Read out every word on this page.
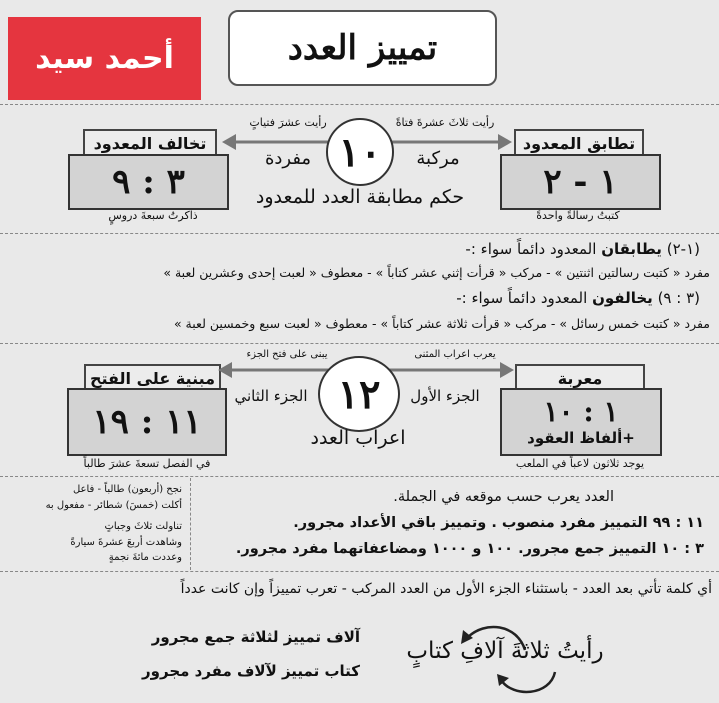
أحمد سيد	تمييز العدد
تخالف المعدود
٣ : ٩
ذاكرتُ سبعةَ دروسٍ
تطابق المعدود
١ - ٢
كتبتُ رسالةً واحدةً
رأيت عشرَ فتياتٍ	رأيت ثلاثَ عشرةَ فتاةً
١٠
مفردة	مركبة
حكم مطابقة العدد للمعدود
(١-٢) يطابقان المعدود دائماً سواء :-
مفرد « كتبت رسالتين اثنتين » - مركب « قرأت إثني عشر كتاباً » - معطوف « لعبت إحدى وعشرين لعبة »
(٣ : ٩) يخالفون المعدود دائماً سواء :-
مفرد « كتبت خمس رسائل » - مركب « قرأت ثلاثة عشر كتاباً » - معطوف « لعبت سبع وخمسين لعبة »
مبنية على الفتح
١١ : ١٩
في الفصل تسعةَ عشرَ طالباً
معربة
١ : ١٠
+ألفاظ العقود
يوجد ثلاثون لاعباً في الملعب
يبنى على فتح الجزء	يعرب اعراب المثنى
١٢
الجزء الثاني	الجزء الأول
اعراب العدد
نجح (أربعون) طالباً - فاعل
أكلت (خمسَ) شطائر - مفعول به
تناولت ثلاثَ وجباتٍ
وشاهدت أربعَ عشرةَ سيارةً
وعددت مائةَ نجمةٍ
العدد يعرب حسب موقعه في الجملة.
١١ : ٩٩ التمييز مفرد منصوب . وتمييز باقي الأعداد مجرور.
٣ : ١٠ التمييز جمع مجرور. ١٠٠ و ١٠٠٠ ومضاعفاتهما مفرد مجرور.
أي كلمة تأتي بعد العدد - باستثناء الجزء الأول من العدد المركب - تعرب تمييزاً وإن كانت عدداً
آلاف تمييز لثلاثة جمع مجرور
كتاب تمييز لآلاف مفرد مجرور
رأيتُ ثلاثةَ آلافِ كتابٍ
